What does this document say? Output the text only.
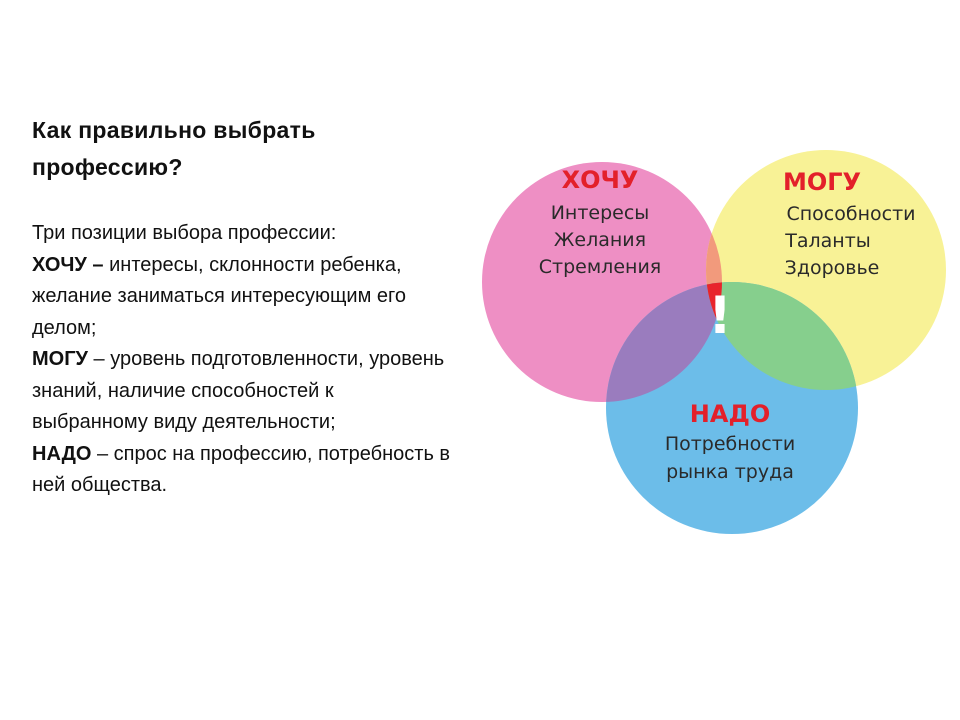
Как правильно выбрать
профессию?

Три позиции выбора профессии:
ХОЧУ – интересы, склонности ребенка, желание заниматься интересующим его делом;
МОГУ – уровень подготовленности, уровень знаний, наличие способностей к выбранному виду деятельности;
НАДО – спрос на профессию, потребность в ней общества.

!
ХОЧУ
Интересы
Желания
Стремления
МОГУ
Способности
Таланты
Здоровье
НАДО
Потребности
рынка труда
